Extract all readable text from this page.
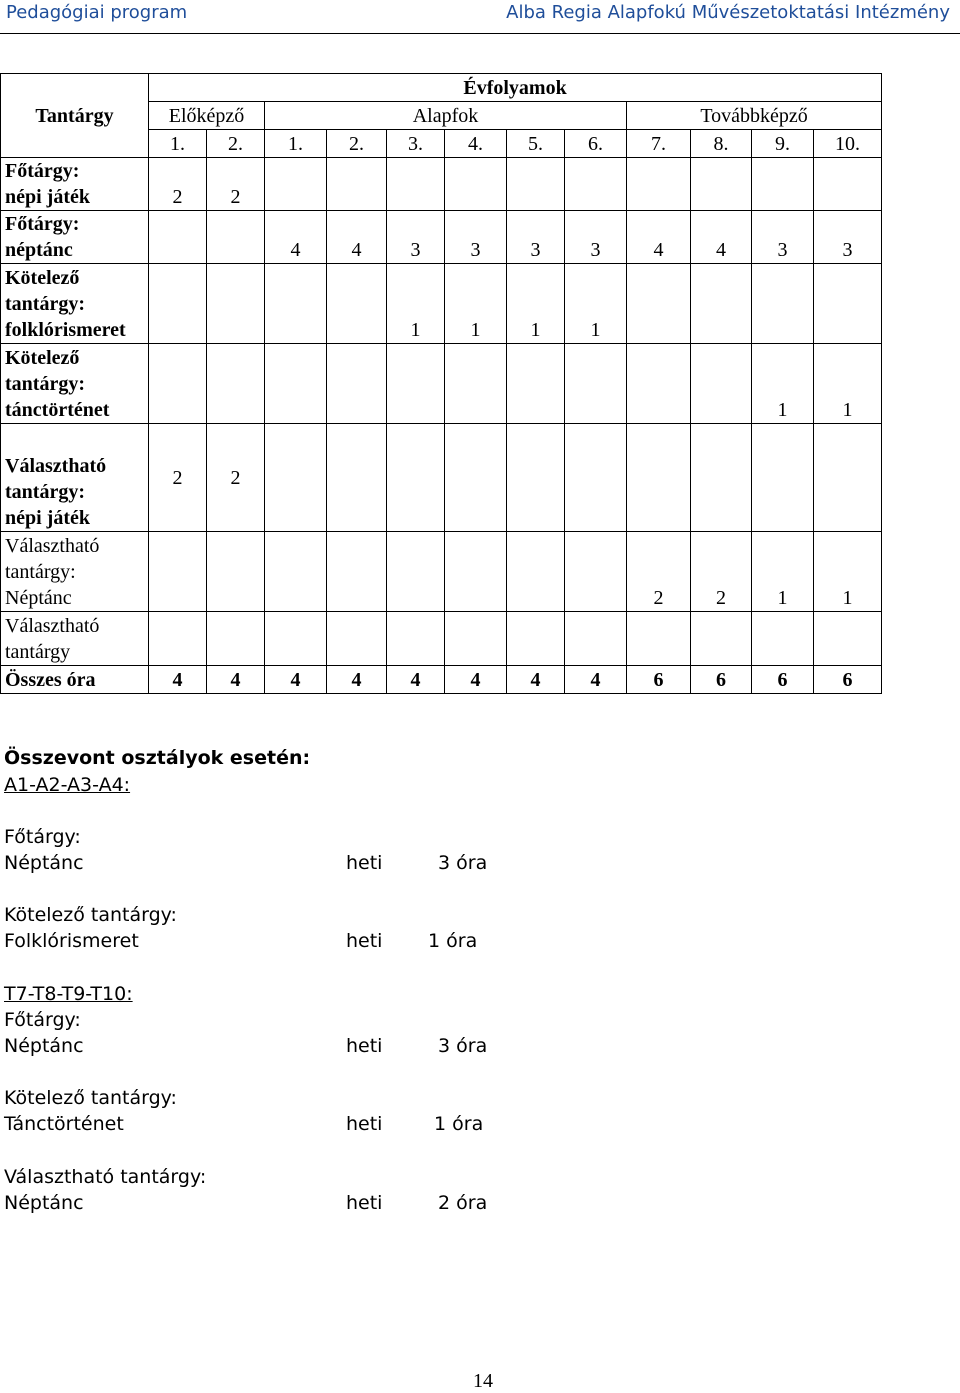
Pedagógiai program	Alba Regia Alapfokú Művészetoktatási Intézmény
Tantárgy	Évfolyamok											
	Előképző		Alapfok						Továbbképző			
	1.	2.	1.	2.	3.	4.	5.	6.	7.	8.	9.	10.

Főtárgy:
népi játék	2	2										

Főtárgy:
néptánc			4	4	3	3	3	3	4	4	3	3

Kötelező
tantárgy:
folklórismeret					1	1	1	1				

Kötelező
tantárgy:
tánctörténet											1	1

Választható
tantárgy:
népi játék	2	2										

Választható
tantárgy:
Néptánc									2	2	1	1

Választható
tantárgy												

Összes óra	4	4	4	4	4	4	4	4	6	6	6	6
Összevont osztályok esetén:
A1-A2-A3-A4:
Főtárgy:
Néptánc	heti	3 óra
Kötelező tantárgy:
Folklórismeret	heti 1 óra
T7-T8-T9-T10:
Főtárgy:
Néptánc	heti	3 óra
Kötelező tantárgy:
Tánctörténet	heti	1 óra
Választható tantárgy:
Néptánc	heti	2 óra
14
